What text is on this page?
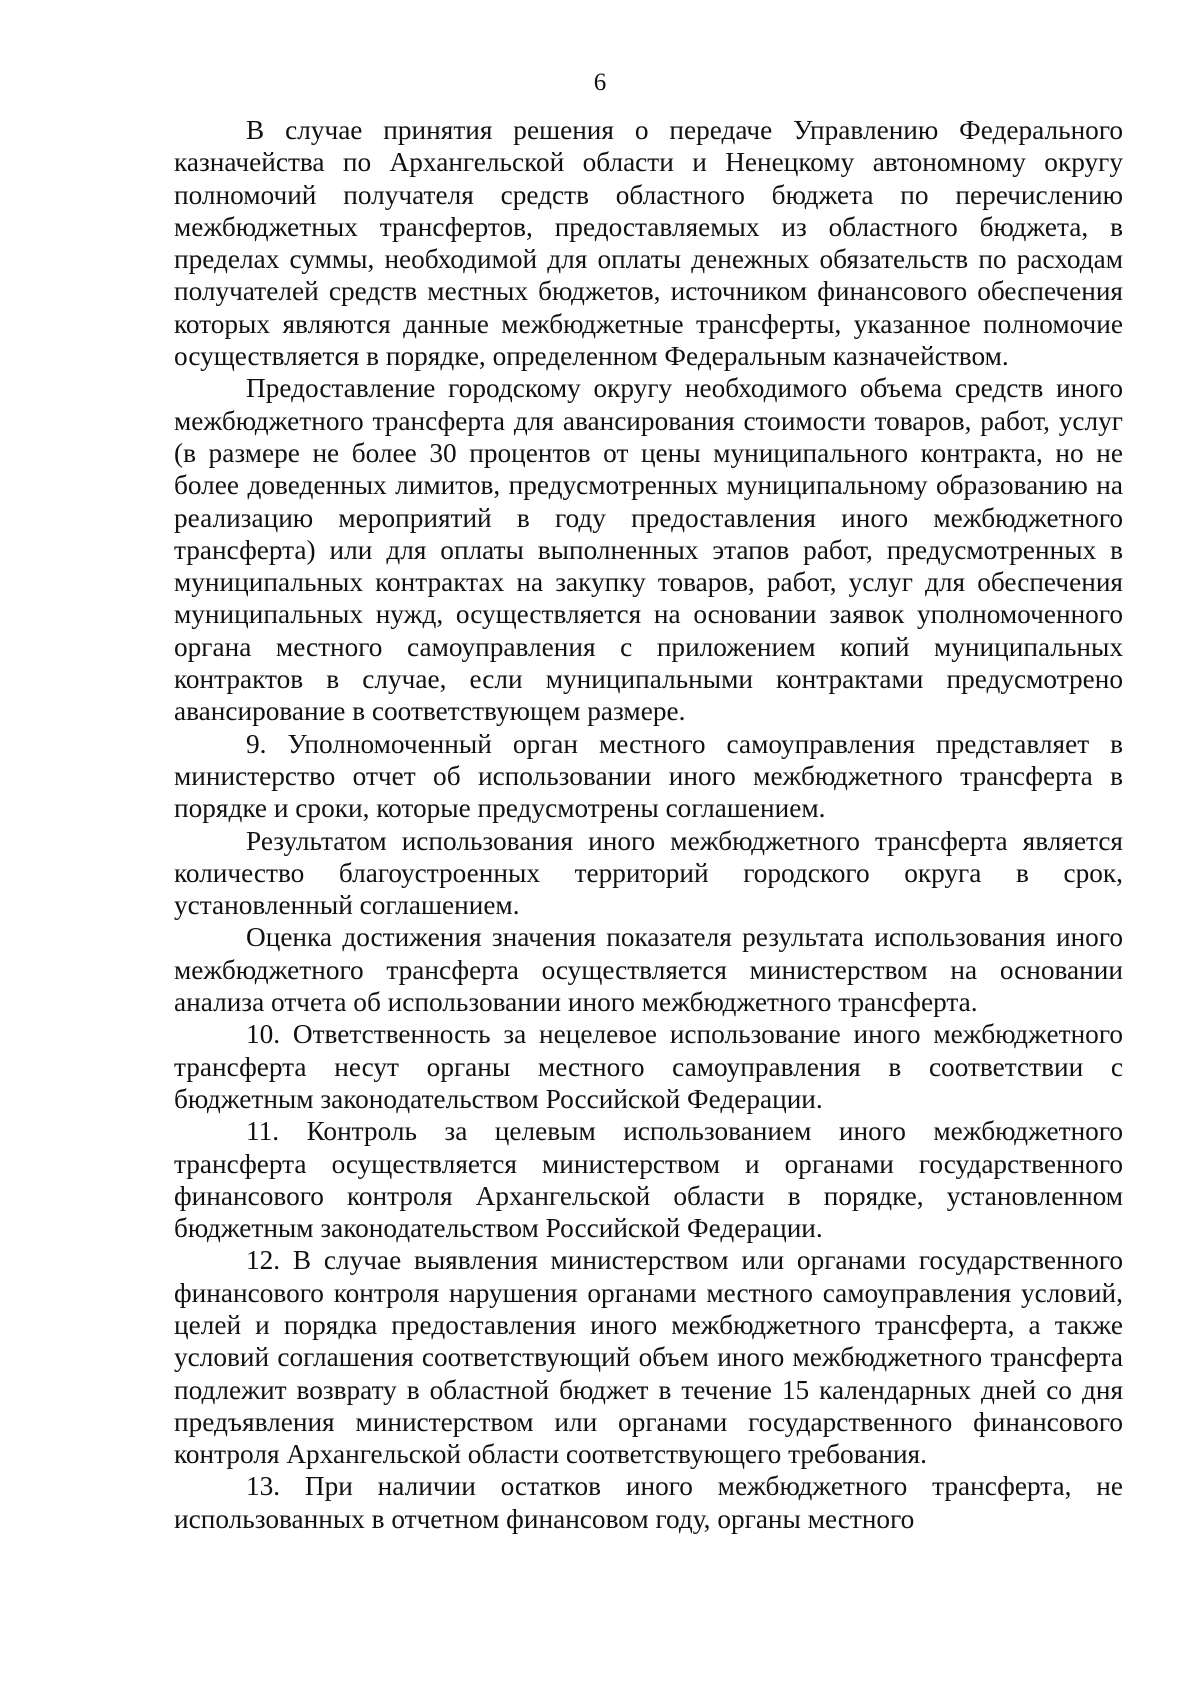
6

В случае принятия решения о передаче Управлению Федерального казначейства по Архангельской области и Ненецкому автономному округу полномочий получателя средств областного бюджета по перечислению межбюджетных трансфертов, предоставляемых из областного бюджета, в пределах суммы, необходимой для оплаты денежных обязательств по расходам получателей средств местных бюджетов, источником финансового обеспечения которых являются данные межбюджетные трансферты, указанное полномочие осуществляется в порядке, определенном Федеральным казначейством.

Предоставление городскому округу необходимого объема средств иного межбюджетного трансферта для авансирования стоимости товаров, работ, услуг (в размере не более 30 процентов от цены муниципального контракта, но не более доведенных лимитов, предусмотренных муниципальному образованию на реализацию мероприятий в году предоставления иного межбюджетного трансферта) или для оплаты выполненных этапов работ, предусмотренных в муниципальных контрактах на закупку товаров, работ, услуг для обеспечения муниципальных нужд, осуществляется на основании заявок уполномоченного органа местного самоуправления с приложением копий муниципальных контрактов в случае, если муниципальными контрактами предусмотрено авансирование в соответствующем размере.

9. Уполномоченный орган местного самоуправления представляет в министерство отчет об использовании иного межбюджетного трансферта в порядке и сроки, которые предусмотрены соглашением.

Результатом использования иного межбюджетного трансферта является количество благоустроенных территорий городского округа в срок, установленный соглашением.

Оценка достижения значения показателя результата использования иного межбюджетного трансферта осуществляется министерством на основании анализа отчета об использовании иного межбюджетного трансферта.

10. Ответственность за нецелевое использование иного межбюджетного трансферта несут органы местного самоуправления в соответствии с бюджетным законодательством Российской Федерации.

11. Контроль за целевым использованием иного межбюджетного трансферта осуществляется министерством и органами государственного финансового контроля Архангельской области в порядке, установленном бюджетным законодательством Российской Федерации.

12. В случае выявления министерством или органами государственного финансового контроля нарушения органами местного самоуправления условий, целей и порядка предоставления иного межбюджетного трансферта, а также условий соглашения соответствующий объем иного межбюджетного трансферта подлежит возврату в областной бюджет в течение 15 календарных дней со дня предъявления министерством или органами государственного финансового контроля Архангельской области соответствующего требования.

13. При наличии остатков иного межбюджетного трансферта, не использованных в отчетном финансовом году, органы местного
